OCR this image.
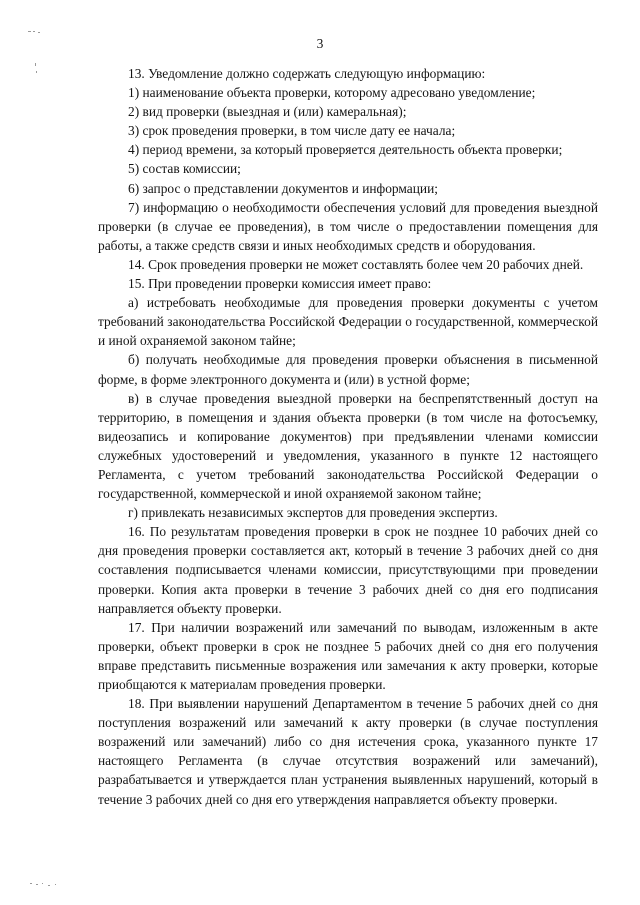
3

13. Уведомление должно содержать следующую информацию:

1) наименование объекта проверки, которому адресовано уведомление;

2) вид проверки (выездная и (или) камеральная);

3) срок проведения проверки, в том числе дату ее начала;

4) период времени, за который проверяется деятельность объекта проверки;

5) состав комиссии;

6) запрос о представлении документов и информации;

7) информацию о необходимости обеспечения условий для проведения выездной проверки (в случае ее проведения), в том числе о предоставлении помещения для работы, а также средств связи и иных необходимых средств и оборудования.

14. Срок проведения проверки не может составлять более чем 20 рабочих дней.

15. При проведении проверки комиссия имеет право:

а) истребовать необходимые для проведения проверки документы с учетом требований законодательства Российской Федерации о государственной, коммерческой и иной охраняемой законом тайне;

б) получать необходимые для проведения проверки объяснения в письменной форме, в форме электронного документа и (или) в устной форме;

в) в случае проведения выездной проверки на беспрепятственный доступ на территорию, в помещения и здания объекта проверки (в том числе на фотосъемку, видеозапись и копирование документов) при предъявлении членами комиссии служебных удостоверений и уведомления, указанного в пункте 12 настоящего Регламента, с учетом требований законодательства Российской Федерации о государственной, коммерческой и иной охраняемой законом тайне;

г) привлекать независимых экспертов для проведения экспертиз.

16. По результатам проведения проверки в срок не позднее 10 рабочих дней со дня проведения проверки составляется акт, который в течение 3 рабочих дней со дня составления подписывается членами комиссии, присутствующими при проведении проверки. Копия акта проверки в течение 3 рабочих дней со дня его подписания направляется объекту проверки.

17. При наличии возражений или замечаний по выводам, изложенным в акте проверки, объект проверки в срок не позднее 5 рабочих дней со дня его получения вправе представить письменные возражения или замечания к акту проверки, которые приобщаются к материалам проведения проверки.

18. При выявлении нарушений Департаментом в течение 5 рабочих дней со дня поступления возражений или замечаний к акту проверки (в случае поступления возражений или замечаний) либо со дня истечения срока, указанного пункте 17 настоящего Регламента (в случае отсутствия возражений или замечаний), разрабатывается и утверждается план устранения выявленных нарушений, который в течение 3 рабочих дней со дня его утверждения направляется объекту проверки.
